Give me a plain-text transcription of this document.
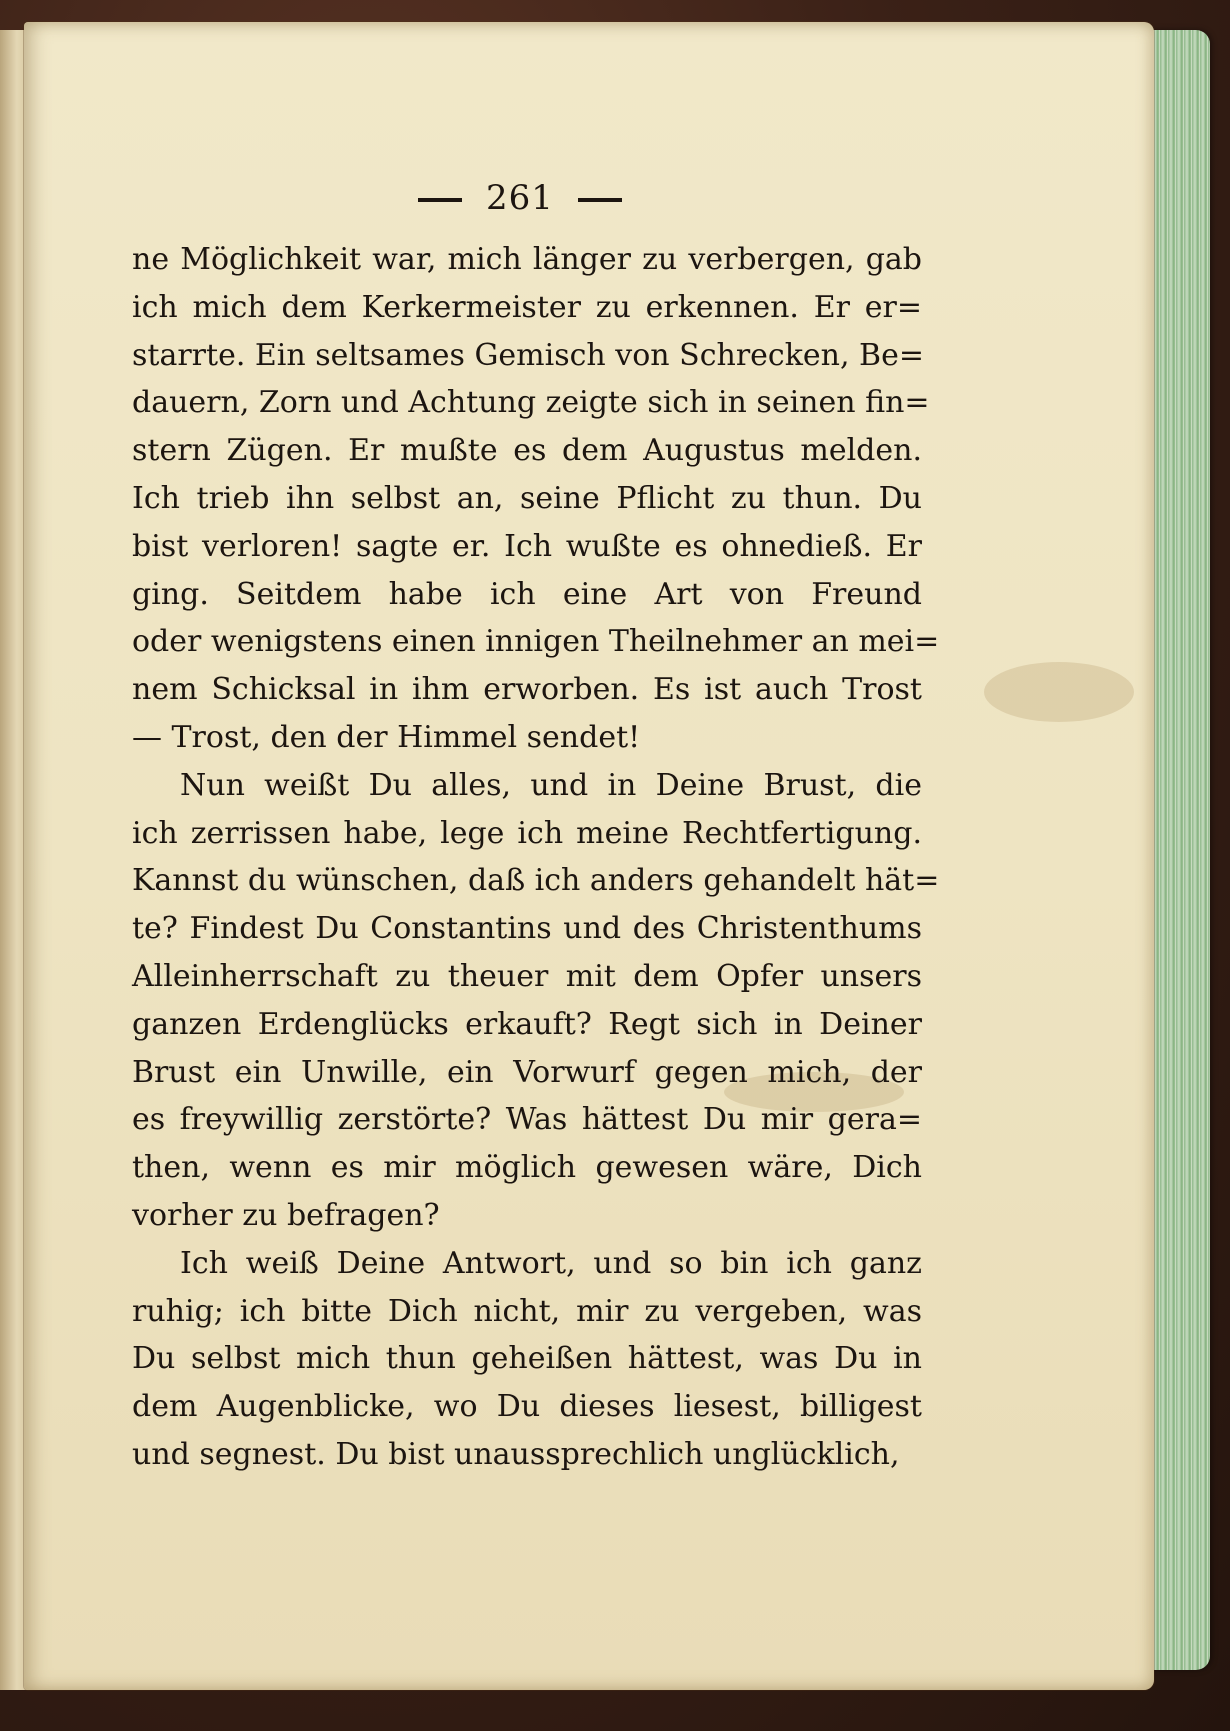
261
ne Möglichkeit war, mich länger zu verbergen, gab
ich mich dem Kerkermeister zu erkennen. Er er=
starrte. Ein seltsames Gemisch von Schrecken, Be=
dauern, Zorn und Achtung zeigte sich in seinen fin=
stern Zügen. Er mußte es dem Augustus melden.
Ich trieb ihn selbst an, seine Pflicht zu thun. Du
bist verloren! sagte er. Ich wußte es ohnedieß. Er
ging. Seitdem habe ich eine Art von Freund
oder wenigstens einen innigen Theilnehmer an mei=
nem Schicksal in ihm erworben. Es ist auch Trost
— Trost, den der Himmel sendet!
Nun weißt Du alles, und in Deine Brust, die
ich zerrissen habe, lege ich meine Rechtfertigung.
Kannst du wünschen, daß ich anders gehandelt hät=
te? Findest Du Constantins und des Christenthums
Alleinherrschaft zu theuer mit dem Opfer unsers
ganzen Erdenglücks erkauft? Regt sich in Deiner
Brust ein Unwille, ein Vorwurf gegen mich, der
es freywillig zerstörte? Was hättest Du mir gera=
then, wenn es mir möglich gewesen wäre, Dich
vorher zu befragen?
Ich weiß Deine Antwort, und so bin ich ganz
ruhig; ich bitte Dich nicht, mir zu vergeben, was
Du selbst mich thun geheißen hättest, was Du in
dem Augenblicke, wo Du dieses liesest, billigest
und segnest. Du bist unaussprechlich unglücklich,
